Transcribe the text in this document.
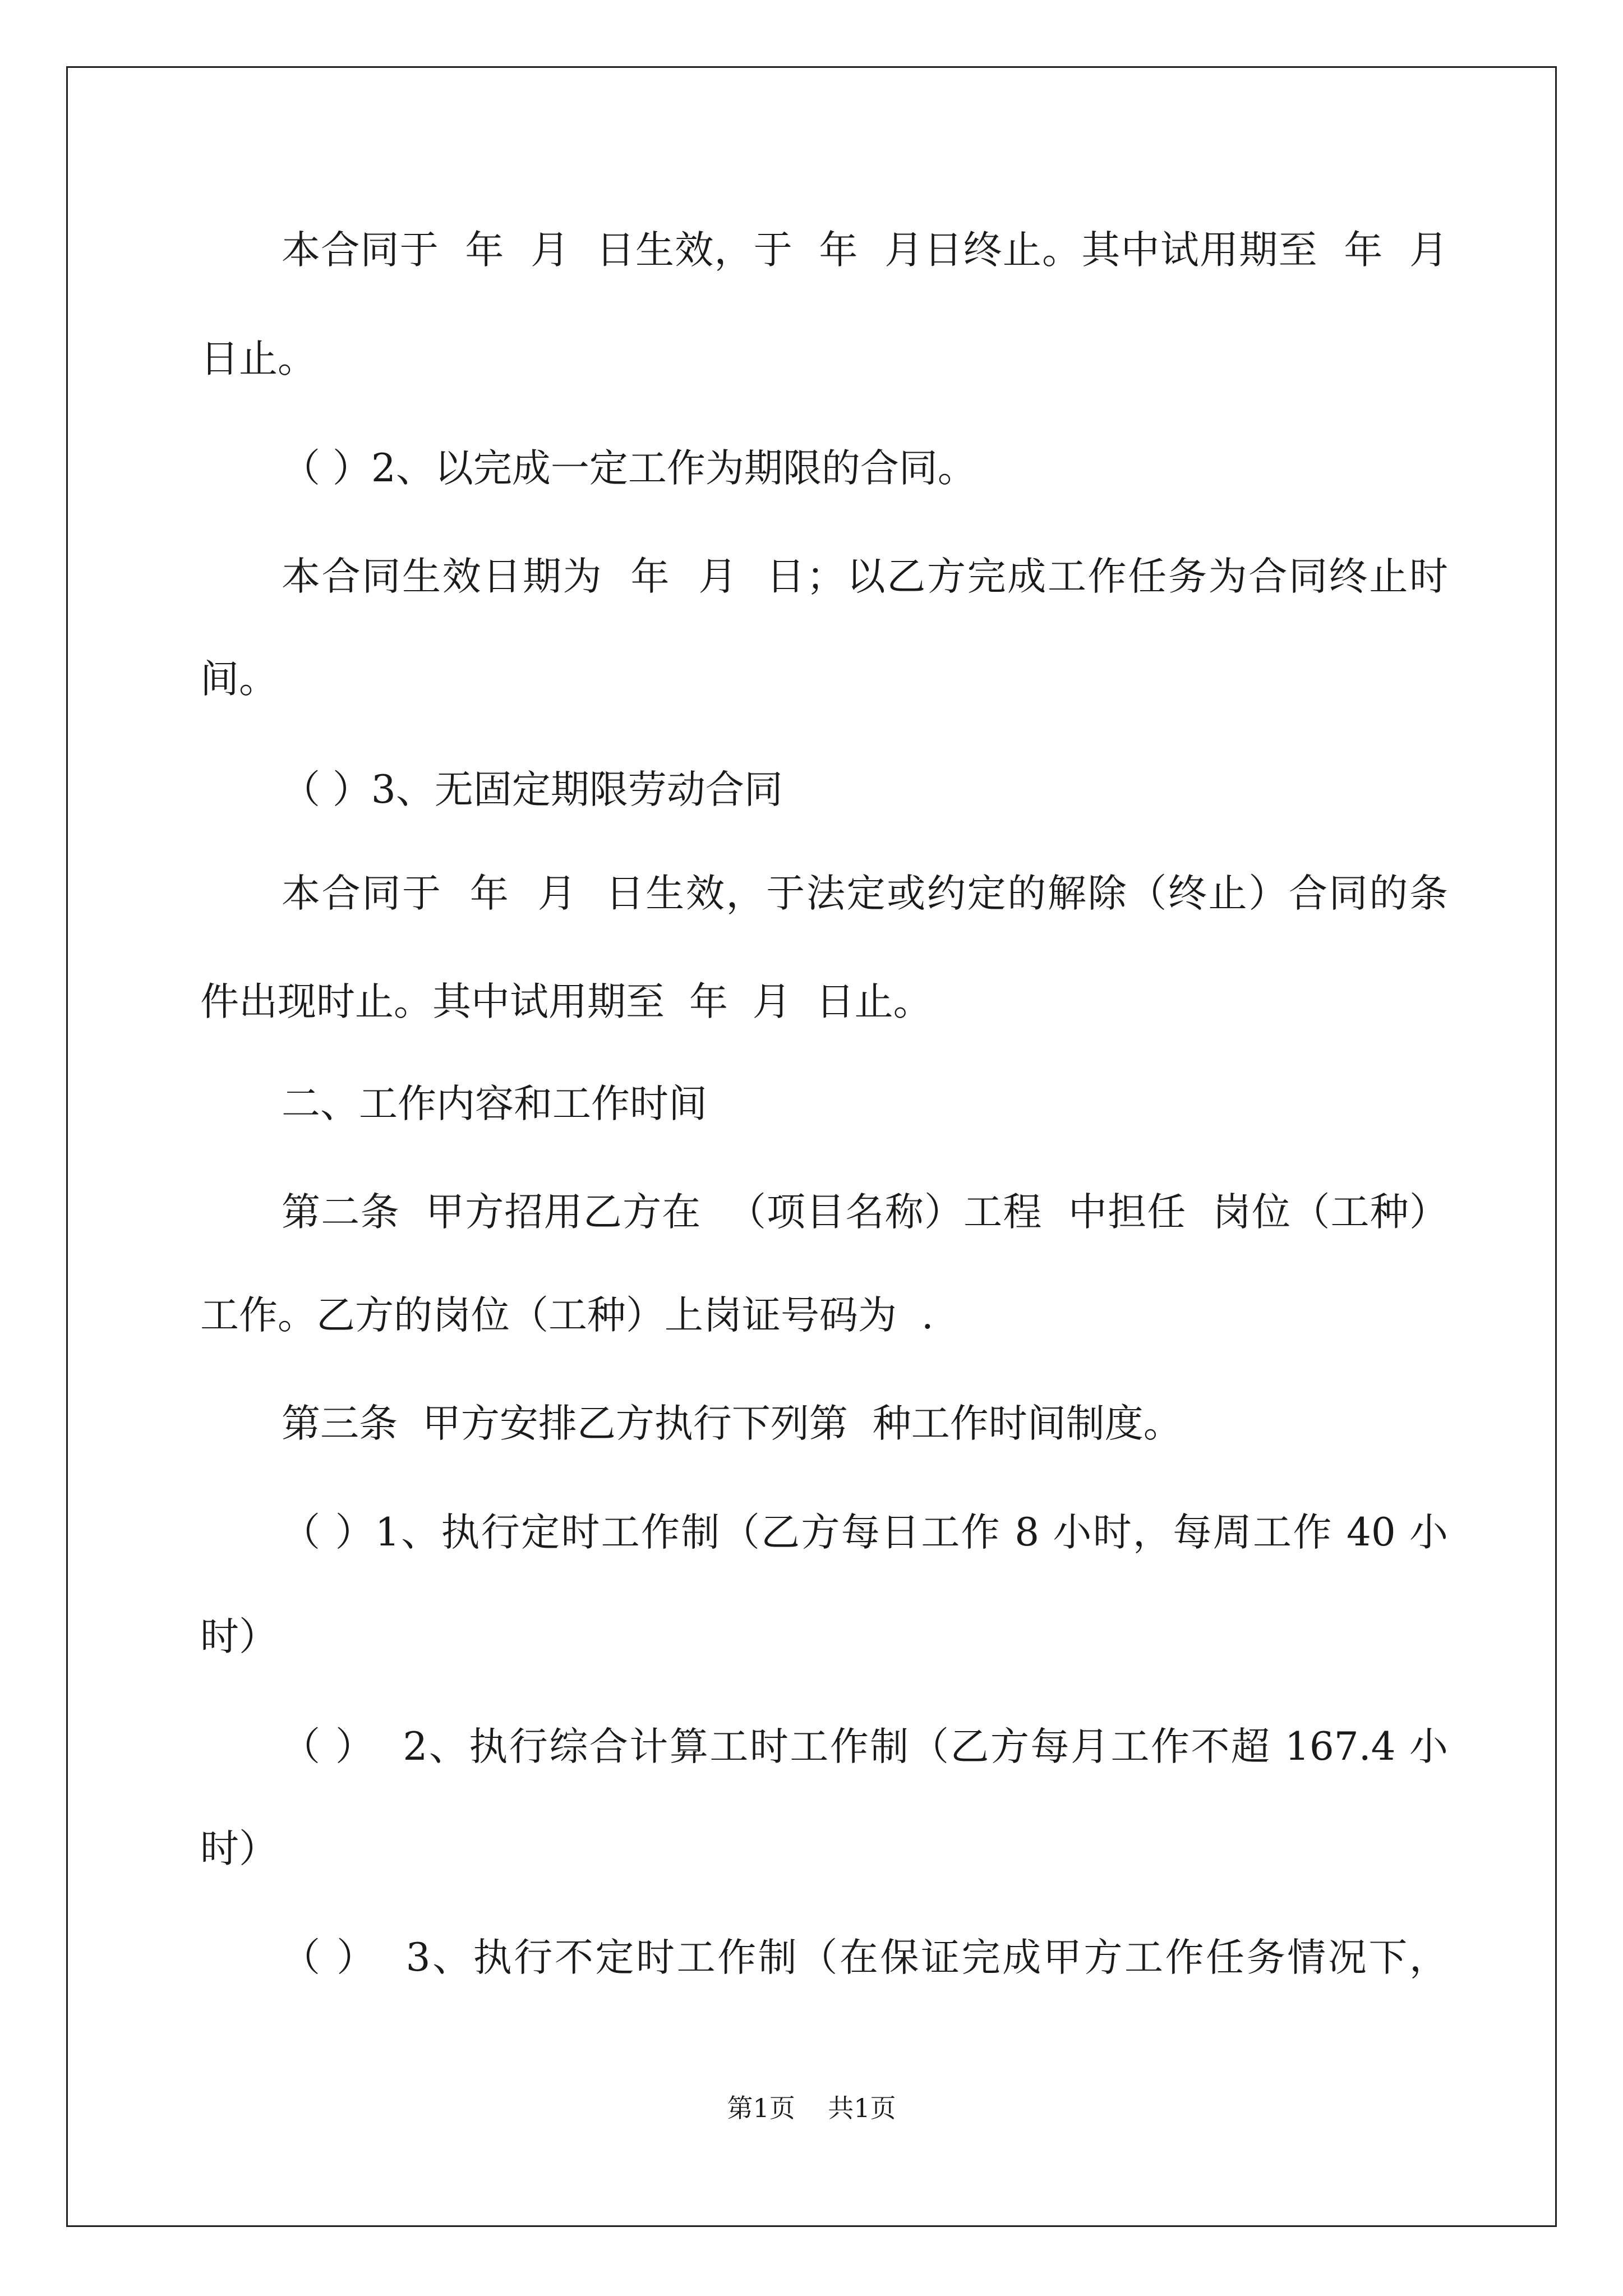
本合同于  年  月  日生效，于  年  月日终止。其中试用期至  年  月
日止。
（ ）2、以完成一定工作为期限的合同。
本合同生效日期为  年  月  日；以乙方完成工作任务为合同终止时
间。
（ ）3、无固定期限劳动合同
本合同于  年  月  日生效，于法定或约定的解除（终止）合同的条
件出现时止。其中试用期至  年  月  日止。
二、工作内容和工作时间
第二条  甲方招用乙方在  （项目名称）工程  中担任  岗位（工种）
工作。乙方的岗位（工种）上岗证号码为  .
第三条  甲方安排乙方执行下列第  种工作时间制度。
（ ）1、执行定时工作制（乙方每日工作 8 小时，每周工作 40 小
时）
（ ）  2、执行综合计算工时工作制（乙方每月工作不超 167.4 小
时）
（ ）  3、执行不定时工作制（在保证完成甲方工作任务情况下，
第1页    共1页
